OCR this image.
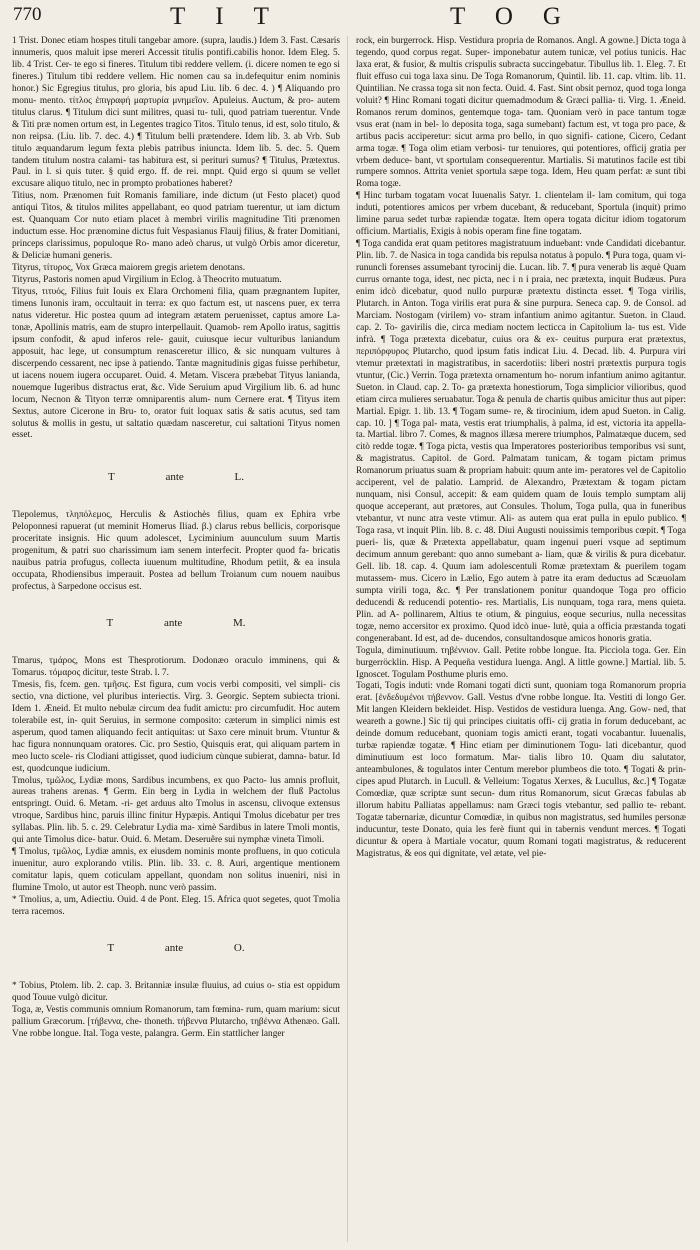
770	TIT	TOG

1 Trist. Donec etiam hospes tituli tangebar amore. (supra, laudis.) Idem 3. Fast. Cæsaris innumeris, quos maluit ipse mereri Accessit titulis pontifi.cabilis honor. Idem Eleg. 5. lib. 4 Trist. Cer- te ego si fineres. Titulum tibi reddere vellem. (i. dicere nomen te ego si fineres.) Titulum tibi reddere vellem. Hic nomen cau sa in.defequitur enim nominis honor.) Sic Egregius titulus, pro gloria, bis apud Liu. lib. 6 dec. 4. ) ¶ Aliquando pro monu- mento. τίτλος ἐπιγραφή μαρτυρία μνημεῖον. Apuleius. Auctum, & pro- autem titulus clarus. ¶ Titulum dici sunt militres, quasi tu- tuli, quod patriam tuerentur. Vnde & Titi præ nomen ortum est, in Legentes tragico Titos. Titulo tenus, id est, solo titulo, & non reipsa. (Liu. lib. 7. dec. 4.) ¶ Titulum belli prætendere. Idem lib. 3. ab Vrb. Sub titulo æquandarum legum fexta plebis patribus iniuncta. Idem lib. 5. dec. 5. Quem tandem titulum nostra calami- tas habitura est, si perituri sumus? ¶ Titulus, Prætextus. Paul. in l. si quis tuter. § quid ergo. ff. de rei. mnpt. Quid ergo si quum se vellet excusare aliquo titulo, nec in prompto probationes haberet?

Titius, nom. Prænomen fuit Romanis familiare, inde dictum (ut Festo placet) quod antiqui Titos, & titulos milites appellabant, eo quod patriam tuerentur, ut iam dictum est. Quanquam Cor nuto etiam placet à membri virilis magnitudine Titi prænomen inductum esse. Hoc prænomine dictus fuit Vespasianus Flauij filius, & frater Domitiani, princeps clarissimus, populoque Ro- mano adeò charus, ut vulgò Orbis amor diceretur, & Deliciæ humani generis.

Tityrus, τίτυρος, Vox Græca maiorem gregis arietem denotans.

Tityrus, Pastoris nomen apud Virgilium in Eclog. à Theocrito mutuatum.

Tityus, τιτυός, Filius fuit Iouis ex Elara Orchomeni filia, quam prægnantem Iupiter, timens Iunonis iram, occultauit in terra: ex quo factum est, ut nascens puer, ex terra natus videretur. Hic postea quum ad integram ætatem peruenisset, captus amore La- tonæ, Apollinis matris, eam de stupro interpellauit. Quamob- rem Apollo iratus, sagittis ipsum confodit, & apud inferos rele- gauit, cuiusque iecur vulturibus laniandum apposuit, hac lege, ut consumptum renasceretur illico, & sic nunquam vultures à discerpendo cessarent, nec ipse à patiendo. Tantæ magnitudinis gigas fuisse perhibetur, ut iacens nouem iugera occuparet. Ouid. 4. Metam. Viscera præbebat Tityus lanianda, nouemque Iugeribus distractus erat, &c. Vide Seruium apud Virgilium lib. 6. ad hunc locum, Necnon & Tityon terræ omniparentis alum- num Cernere erat. ¶ Tityus item Sextus, autore Cicerone in Bru- to, orator fuit loquax satis & satis acutus, sed tam solutus & mollis in gestu, ut saltatio quædam nasceretur, cui saltationi Tityus nomen esset.

T	ante	L.

Tlepolemus, τληπόλεμος, Herculis & Astiochès filius, quam ex Ephira vrbe Peloponnesi rapuerat (ut meminit Homerus Iliad. β.) clarus rebus bellicis, corporisque proceritate insignis. Hic quum adolescet, Lyciminium auunculum suum Martis progenitum, & patri suo charissimum iam senem interfecit. Propter quod fa- bricatis nauibus patria profugus, collecta iuuenum multitudine, Rhodum petiit, & ea insula occupata, Rhodiensibus imperauit. Postea ad bellum Troianum cum nouem nauibus profectus, à Sarpedone occisus est.

T	ante	M.

Tmarus, τμάρος, Mons est Thesprotiorum. Dodonæo oraculo imminens, qui & Tomarus. τόμαρος dicitur, teste Strab. l. 7.

Tmesis, fis, fcem. gen. τμῆσις. Est figura, cum vocis verbi compositi, vel simpli- cis sectio, vna dictione, vel pluribus interiectis. Virg. 3. Georgic. Septem subiecta trioni. Idem 1. Æneid. Et multo nebulæ circum dea fudit amictu: pro circumfudit. Hoc autem tolerabile est, in- quit Seruius, in sermone composito: cæterum in simplici nimis est asperum, quod tamen aliquando fecit antiquitas: ut Saxo cere minuit brum. Vtuntur & hac figura nonnunquam oratores. Cic. pro Sestio, Quisquis erat, qui aliquam partem in meo lucto scele- ris Clodiani attigisset, quod iudicium cùnque subierat, damna- batur. Id est, quodcunque iudicium.

Tmolus, τμῶλος, Lydiæ mons, Sardibus incumbens, ex quo Pacto- lus amnis profluit, aureas trahens arenas. ¶ Germ. Ein berg in Lydia in welchem der fluß Pactolus entspringt. Ouid. 6. Metam. -ri- get arduus alto Tmolus in ascensu, clivoque extensus vtroque, Sardibus hinc, paruis illinc finitur Hypæpis. Antiqui Tmolus dicebatur per tres syllabas. Plin. lib. 5. c. 29. Celebratur Lydia ma- ximè Sardibus in latere Tmoli montis, qui ante Timolus dice- batur. Ouid. 6. Metam. Deseruêre sui nymphæ vineta Timoli.

¶ Tmolus, τμῶλος, Lydiæ amnis, ex eiusdem nominis monte profluens, in quo coticula inuenitur, auro explorando vtilis. Plin. lib. 33. c. 8. Auri, argentique mentionem comitatur lapis, quem coticulam appellant, quondam non solitus inueniri, nisi in flumine Tmolo, ut autor est Theoph. nunc verò passim.

* Tmolius, a, um, Adiectiu. Ouid. 4 de Pont. Eleg. 15. Africa quot segetes, quot Tmolia terra racemos.

T	ante	O.

* Tobius, Ptolem. lib. 2. cap. 3. Britanniæ insulæ fluuius, ad cuius o- stia est oppidum quod Touue vulgò dicitur.

Toga, æ, Vestis communis omnium Romanorum, tam fœmina- rum, quam marium: sicut pallium Græcorum. [τήβεννα, che- thoneth. τήβεννα Plutarcho, τηβέννα Athenæo. Gall. Vne robbe longue. Ital. Toga veste, palangra. Germ. Ein stattlicher langer

rock, ein burgerrock. Hisp. Vestidura propria de Romanos. Angl. A gowne.] Dicta toga à tegendo, quod corpus regat. Super- imponebatur autem tunicæ, vel potius tunicis. Hac laxa erat, & fusior, & multis crispulis subracta succingebatur. Tibullus lib. 1. Eleg. 7. Et fluit effuso cui toga laxa sinu. De Toga Romanorum, Quintil. lib. 11. cap. vltim. lib. 11. Quintilian. Ne crassa toga sit non fecta. Ouid. 4. Fast. Sint obsit pernoz, quod toga longa voluit? ¶ Hinc Romani togati dicitur quemadmodum & Græci pallia- ti. Virg. 1. Æneid. Romanos rerum dominos, gentemque toga- tam. Quoniam verò in pace tantum togæ vsus erat (nam in bel- lo deposita toga, saga sumebant) factum est, vt toga pro pace, & artibus pacis acciperetur: sicut arma pro bello, in quo signifi- catione, Cicero, Cedant arma togæ. ¶ Toga olim etiam verbosi- tur tenuiores, qui potentiores, officij gratia per vrbem deduce- bant, vt sportulam consequerentur. Martialis. Si matutinos facile est tibi rumpere somnos. Attrita veniet sportula sæpe toga. Idem, Heu quam perfat: æ sunt tibi Roma togæ.

¶ Hinc turbam togatam vocat Iuuenalis Satyr. 1. clientelam il- lam comitum, qui toga induti, potentiores amicos per vrbem ducebant, & reducebant, Sportula (inquit) primo limine parua sedet turbæ rapiendæ togatæ. Item opera togata dicitur idiom togatorum officium. Martialis, Exigis à nobis operam fine fine togatam.

¶ Toga candida erat quam petitores magistratuum induebant: vnde Candidati dicebantur. Plin. lib. 7. de Nasica in toga candida bis repulsa notatus à populo. ¶ Pura toga, quam vi- rununcli forenses assumebant tyrocinij die. Lucan. lib. 7. ¶ pura venerab lis æquè Quam currus ornante toga, idest, nec picta, nec i n i praia, nec prætexta, inquit Budæus. Pura enim idcò dicebatur, quod nullo purpuræ prætextu distincta esset. ¶ Toga virilis, Plutarch. in Anton. Toga virilis erat pura & sine purpura. Seneca cap. 9. de Consol. ad Marciam. Nostogam (virilem) vo- stram infantium animo agitantur. Sueton. in Claud. cap. 2. To- gavirilis die, circa mediam noctem lecticca in Capitolium la- tus est. Vide infrà. ¶ Toga prætexta dicebatur, cuius ora & ex- ceuitus purpura erat prætextus, περιπόρφυρος Plutarcho, quod ipsum fatis indicat Liu. 4. Decad. lib. 4. Purpura viri vtemur prætextati in magistratibus, in sacerdotiis: liberi nostri prætextis purpura togis vtuntur, (Cic.) Verrin. Toga prætexta ornamentum ho- norum infantium animo agitantur. Sueton. in Claud. cap. 2. To- ga prætexta honestiorum, Toga simplicior vilioribus, quod etiam circa mulieres seruabatur. Toga & penula de chartis quibus amicitur thus aut piper: Martial. Epigr. 1. lib. 13. ¶ Togam sume- re, & tirocinium, idem apud Sueton. in Calig. cap. 10. ] ¶ Toga pal- mata, vestis erat triumphalis, à palma, id est, victoria ita appella- ta. Martial. libro 7. Comes, & magnos illæsa merere triumphos, Palmatæque ducem, sed citò redde togæ. ¶ Toga picta, vestis qua Imperatores posterioribus temporibus vsi sunt, & magistratus. Capitol. de Gord. Palmatam tunicam, & togam pictam primus Romanorum priuatus suam & propriam habuit: quum ante im- peratores vel de Capitolio acciperent, vel de palatio. Lamprid. de Alexandro, Prætextam & togam pictam nunquam, nisi Consul, accepit: & eam quidem quam de Iouis templo sumptam alij quoque acceperant, aut prætores, aut Consules. Tholum, Toga pulla, qua in funeribus vtebantur, vt nunc atra veste vtimur. Ali- as autem qua erat pulla in epulo publico. ¶ Toga rasa, vt inquit Plin. lib. 8. c. 48. Diui Augusti nouissimis temporibus cœpit. ¶ Toga pueri- lis, quæ & Prætexta appellabatur, quam ingenui pueri vsque ad septimum decimum annum gerebant: quo anno sumebant a- liam, quæ & virilis & pura dicebatur. Gell. lib. 18. cap. 4. Quum iam adolescentuli Romæ prætextam & puerilem togam mutassem- mus. Cicero in Lælio, Ego autem à patre ita eram deductus ad Scæuolam sumpta virili toga, &c. ¶ Per translationem ponitur quandoque Toga pro officio deducendi & reducendi potentio- res. Martialis, Lis nunquam, toga rara, mens quieta. Plin. ad A- pollinarem, Altius te otium, & pinguius, eoque securius, nulla necessitas togæ, nemo accersitor ex proximo. Quod idcò inue- lutè, quia a officia præstanda togati congenerabant. Id est, ad de- ducendos, consultandosque amicos honoris gratia.

Togula, diminutiuum. τηβέννιον. Gall. Petite robbe longue. Ita. Picciola toga. Ger. Ein burgerröcklin. Hisp. A Pequeña vestidura luenga. Angl. A little gowne.] Martial. lib. 5. Ignoscet. Togulam Posthume pluris emo.

Togati, Togis induti: vnde Romani togati dicti sunt, quoniam toga Romanorum propria erat. [ἐνδεδυμένοι τήβεννον. Gall. Vestus d'vne robbe longue. Ita. Vestiti di longo Ger. Mit langen Kleidern bekleidet. Hisp. Vestidos de vestidura luenga. Ang. Gow- ned, that weareth a gowne.] Sic tij qui principes ciuitatis offi- cij gratia in forum deducebant, ac deinde domum reducebant, quoniam togis amicti erant, togati vocabantur. Iuuenalis, turbæ rapiendæ togatæ. ¶ Hinc etiam per diminutionem Togu- lati dicebantur, quod diminutiuum est loco formatum. Mar- tialis libro 10. Quam diu salutator, anteambulones, & togulatos inter Centum merebor plumbeos die toto. ¶ Togati & prin- cipes apud Plutarch. in Lucull. & Velleium: Togatus Xerxes, & Lucullus, &c.] ¶ Togatæ Comœdiæ, quæ scriptæ sunt secun- dum ritus Romanorum, sicut Græcas fabulas ab illorum habitu Palliatas appellamus: nam Græci togis vtebantur, sed pallio te- rebant. Togatæ tabernariæ, dicuntur Comœdiæ, in quibus non magistratus, sed humiles personæ inducuntur, teste Donato, quia les ferè fiunt qui in tabernis vendunt merces. ¶ Togati dicuntur & opera à Martiale vocatur, quum Romani togati magistratus, & reducerent Magistratus, & eos qui dignitate, vel ætate, vel pie-
